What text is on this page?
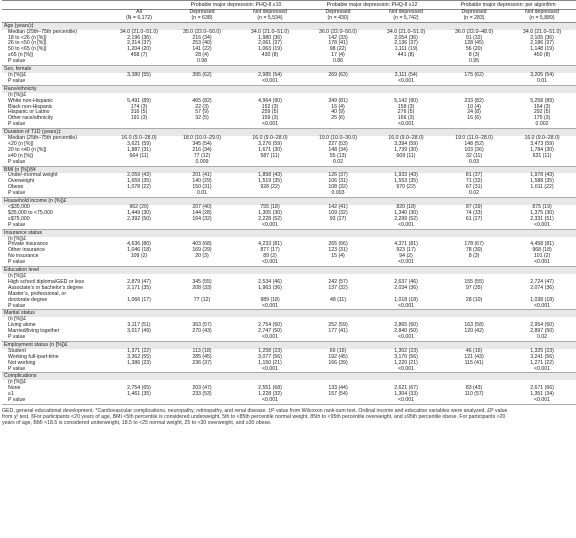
		Probable major depression: PHQ-8 ≥10		Probable major depression: PHQ-8 ≥12		Probable major depression: per algorithm	
	All	Depressed	Not depressed	Depressed	Not depressed	Depressed	Not depressed
	(N = 6,172)	(n = 638)	(n = 5,534)	(n = 430)	(n = 5,742)	(n = 283)	(n = 5,889)
Age (years)‡							
Median (25th–75th percentile)	34.0 (21.0–51.0)	35.0 (22.0–50.0)	34.0 (21.0–51.0)	36.0 (22.0–50.0)	34.0 (21.0–51.0)	36.0 (22.0–48.0)	34.0 (21.0–51.0)
18 to <26 (n [%])	2,196 (36)	216 (34)	1,980 (36)	142 (33)	2,054 (36)	91 (32)	2,105 (36)
26 to <50 (n [%])	2,314 (37)	253 (40)	2,061 (37)	178 (41)	2,136 (37)	128 (45)	2,186 (37)
50 to <65 (n [%])	1,204 (20)	141 (22)	1,063 (19)	98 (22)	1,111 (19)	56 (20)	1,148 (19)
≥65 (n [%])	458 (7)	28 (4)	430 (8)	17 (4)	441 (8)	8 (3)	450 (8)
P value		0.98		0.86		0.95	
Sex, female							
(n [%])£	3,380 (55)	395 (62)	2,985 (54)	269 (63)	3,111 (54)	175 (62)	3,205 (54)
P value			<0.001		<0.001		0.01
Race/ethnicity							
(n [%])£							
White non-Hispanic	5,491 (89)	465 (82)	4,964 (90)	349 (81)	5,142 (90)	233 (82)	5,258 (89)
Black non-Hispanic	174 (3)	22 (3)	152 (3)	16 (4)	158 (3)	10 (4)	164 (3)
Hispanic or Latino	316 (5)	57 (9)	259 (5)	40 (9)	276 (5)	24 (8)	292 (5)
Other race/ethnicity	191 (3)	32 (5)	159 (3)	25 (6)	166 (3)	16 (6)	175 (3)
P value			<0.001		<0.001		0.002
Duration of T1D (years)‡							
Median (25th–75th percentile)	16.0 (9.0–28.0)	18.0 (10.0–29.0)	16.0 (9.0–28.0)	19.0 (10.0–30.0)	16.0 (9.0–28.0)	19.0 (11.0–28.0)	16.0 (9.0–28.0)
<20 (n [%])	3,621 (59)	345 (54)	3,276 (59)	227 (53)	3,394 (59)	148 (52)	3,473 (59)
20 to <40 (n [%])	1,887 (31)	216 (34)	1,671 (30)	148 (34)	1,739 (30)	103 (36)	1,784 (30)
≥40 (n [%])	664 (11)	77 (12)	587 (11)	55 (13)	609 (11)	32 (11)	631 (11)
P value		0.009		0.02		0.03	
BMI (n [%])§¥							
Under-/normal weight	2,059 (43)	201 (41)	1,858 (43)	126 (37)	1,933 (43)	81 (37)	1,978 (43)
Overweight	1,659 (35)	140 (29)	1,519 (35)	106 (31)	1,553 (35)	71 (32)	1,588 (35)
Obese	1,078 (22)	150 (31)	928 (22)	108 (32)	970 (22)	67 (31)	1,011 (22)
P value		0.01		0.003		0.02	
Household income (n [%])£							
<$35,000	962 (20)	207 (40)	755 (18)	142 (41)	820 (18)	87 (39)	875 (19)
$35,000 to <75,000	1,449 (30)	144 (28)	1,305 (30)	109 (32)	1,340 (30)	74 (33)	1,375 (30)
≥$75,000	2,392 (50)	164 (32)	2,228 (52)	93 (27)	2,299 (52)	61 (27)	2,331 (51)
P value			<0.001		<0.001		<0.001
Insurance status							
(n [%])£							
Private insurance	4,636 (80)	403 (68)	4,233 (81)	265 (66)	4,371 (81)	178 (67)	4,458 (81)
Other insurance	1,046 (18)	169 (29)	877 (17)	123 (31)	923 (17)	78 (30)	968 (18)
No insurance	109 (2)	20 (3)	89 (2)	15 (4)	94 (2)	8 (3)	101 (2)
P value			<0.001		<0.001		<0.001
Education level							
(n [%])£							
High school diploma/GED or less	2,879 (47)	345 (55)	2,534 (46)	242 (57)	2,637 (46)	155 (55)	2,724 (47)
Associate’s or bachelor’s degree	2,171 (35)	208 (33)	1,963 (36)	137 (32)	2,034 (36)	97 (35)	2,074 (36)
Master’s, professional, or							
doctorate degree	1,066 (17)	77 (12)	989 (18)	48 (11)	1,018 (18)	28 (10)	1,038 (18)
P value			<0.001		<0.001		<0.001
Marital status							
(n [%])£							
Living alone	3,117 (51)	363 (57)	2,754 (50)	252 (59)	2,865 (50)	163 (58)	2,954 (50)
Married/living together	3,017 (49)	270 (43)	2,747 (50)	177 (41)	2,840 (50)	120 (42)	2,897 (50)
P value			<0.001		<0.001		0.02
Employment status (n [%])£							
Student	1,371 (22)	113 (18)	1,258 (23)	69 (16)	1,302 (23)	46 (16)	1,325 (23)
Working full-/part-time	3,362 (55)	285 (45)	3,077 (56)	192 (45)	3,170 (56)	121 (43)	3,241 (56)
Not working	1,386 (23)	236 (37)	1,150 (21)	166 (39)	1,220 (21)	115 (41)	1,271 (22)
P value			<0.001		<0.001		<0.001
Complications							
(n [%])£							
None	2,754 (65)	203 (47)	2,551 (68)	133 (44)	2,621 (67)	83 (43)	2,671 (66)
≥1	1,461 (35)	233 (53)	1,228 (32)	157 (54)	1,304 (33)	110 (57)	1,351 (34)
P value			<0.001		<0.001		<0.001
GED, general educational development. *Cardiovascular complications, neuropathy, retinopathy, and renal disease. ‡P value from Wilcoxon rank-sum test. Ordinal income and education variables were analyzed. £P value from χ² test. §For participants <20 years of age, BMI <5th percentile is considered underweight, 5th to <85th percentile normal weight, 85th to <95th percentile overweight, and ≥95th percentile obese. For participants >20 years of age, BMI <18.5 is considered underweight, 18.5 to <25 normal weight, 25 to <30 overweight, and ≥30 obese.
